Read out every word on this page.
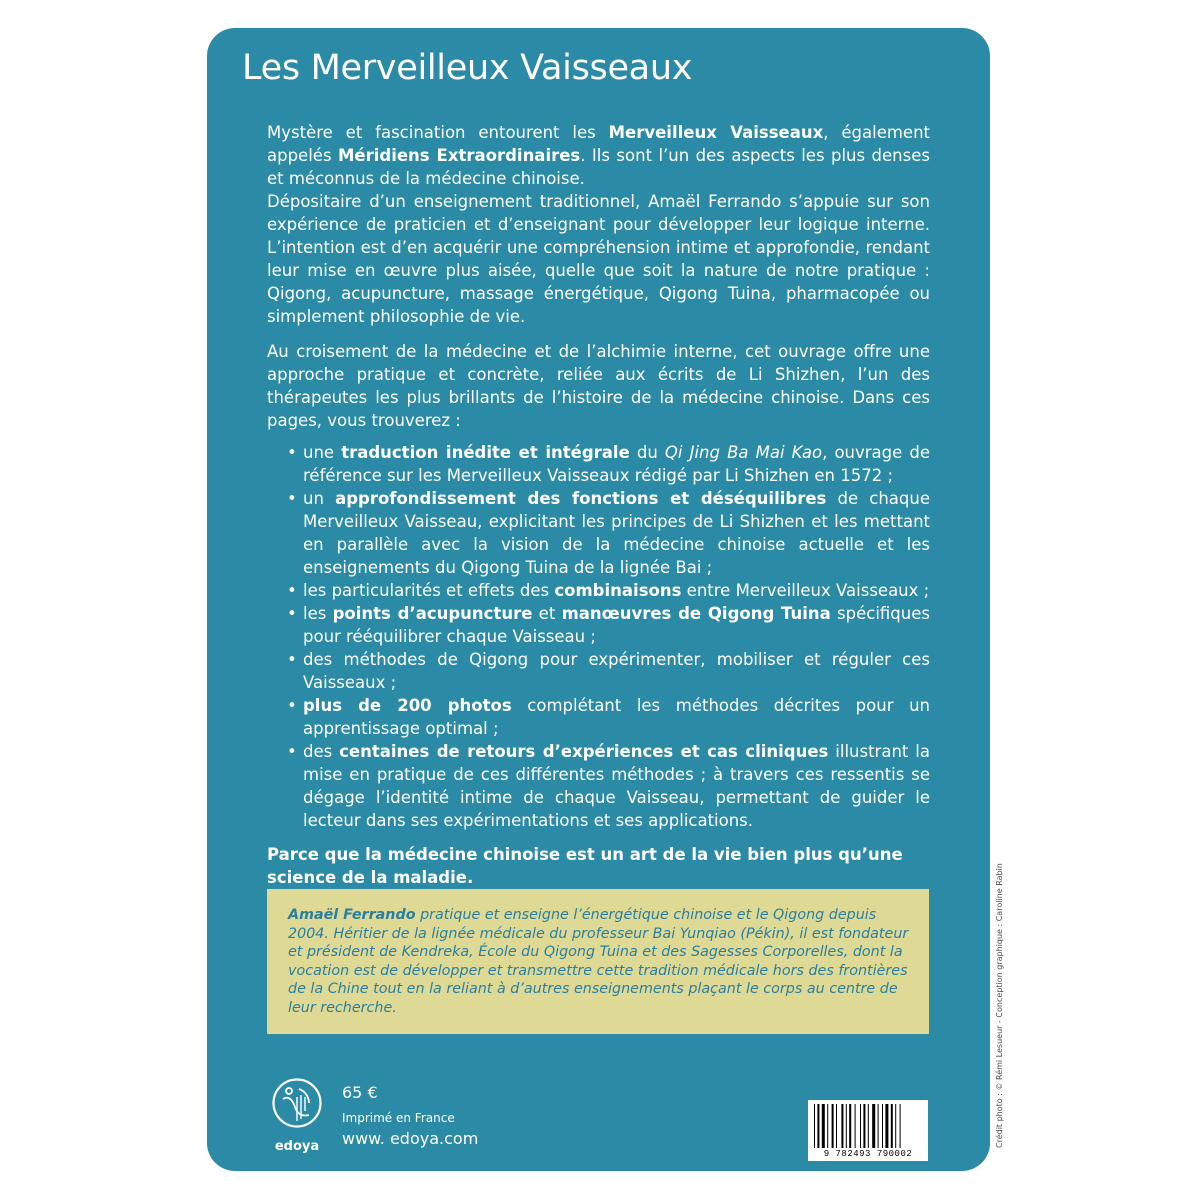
Les Merveilleux Vaisseaux

Mystère et fascination entourent les Merveilleux Vaisseaux, également appelés Méridiens Extraordinaires. Ils sont l’un des aspects les plus denses et méconnus de la médecine chinoise.

Dépositaire d’un enseignement traditionnel, Amaël Ferrando s’appuie sur son expérience de praticien et d’enseignant pour développer leur logique interne. L’intention est d’en acquérir une compréhension intime et approfondie, rendant leur mise en œuvre plus aisée, quelle que soit la nature de notre pratique : Qigong, acupuncture, massage énergétique, Qigong Tuina, pharmacopée ou simplement philosophie de vie.

Au croisement de la médecine et de l’alchimie interne, cet ouvrage offre une approche pratique et concrète, reliée aux écrits de Li Shizhen, l’un des thérapeutes les plus brillants de l’histoire de la médecine chinoise. Dans ces pages, vous trouverez :

• une traduction inédite et intégrale du Qi Jing Ba Mai Kao, ouvrage de référence sur les Merveilleux Vaisseaux rédigé par Li Shizhen en 1572 ;
• un approfondissement des fonctions et déséquilibres de chaque Merveilleux Vaisseau, explicitant les principes de Li Shizhen et les mettant en parallèle avec la vision de la médecine chinoise actuelle et les enseignements du Qigong Tuina de la lignée Bai ;
• les particularités et effets des combinaisons entre Merveilleux Vaisseaux ;
• les points d’acupuncture et manœuvres de Qigong Tuina spécifiques pour rééquilibrer chaque Vaisseau ;
• des méthodes de Qigong pour expérimenter, mobiliser et réguler ces Vaisseaux ;
• plus de 200 photos complétant les méthodes décrites pour un apprentissage optimal ;
• des centaines de retours d’expériences et cas cliniques illustrant la mise en pratique de ces différentes méthodes ; à travers ces ressentis se dégage l’identité intime de chaque Vaisseau, permettant de guider le lecteur dans ses expérimentations et ses applications.

Parce que la médecine chinoise est un art de la vie bien plus qu’une science de la maladie.

Amaël Ferrando pratique et enseigne l’énergétique chinoise et le Qigong depuis 2004. Héritier de la lignée médicale du professeur Bai Yunqiao (Pékin), il est fondateur et président de Kendreka, École du Qigong Tuina et des Sagesses Corporelles, dont la vocation est de développer et transmettre cette tradition médicale hors des frontières de la Chine tout en la reliant à d’autres enseignements plaçant le corps au centre de leur recherche.

edoya
65 €
Imprimé en France
www. edoya.com
9 782493 790002
Crédit photo : © Rémi Lesueur - Conception graphique : Caroline Rabin
